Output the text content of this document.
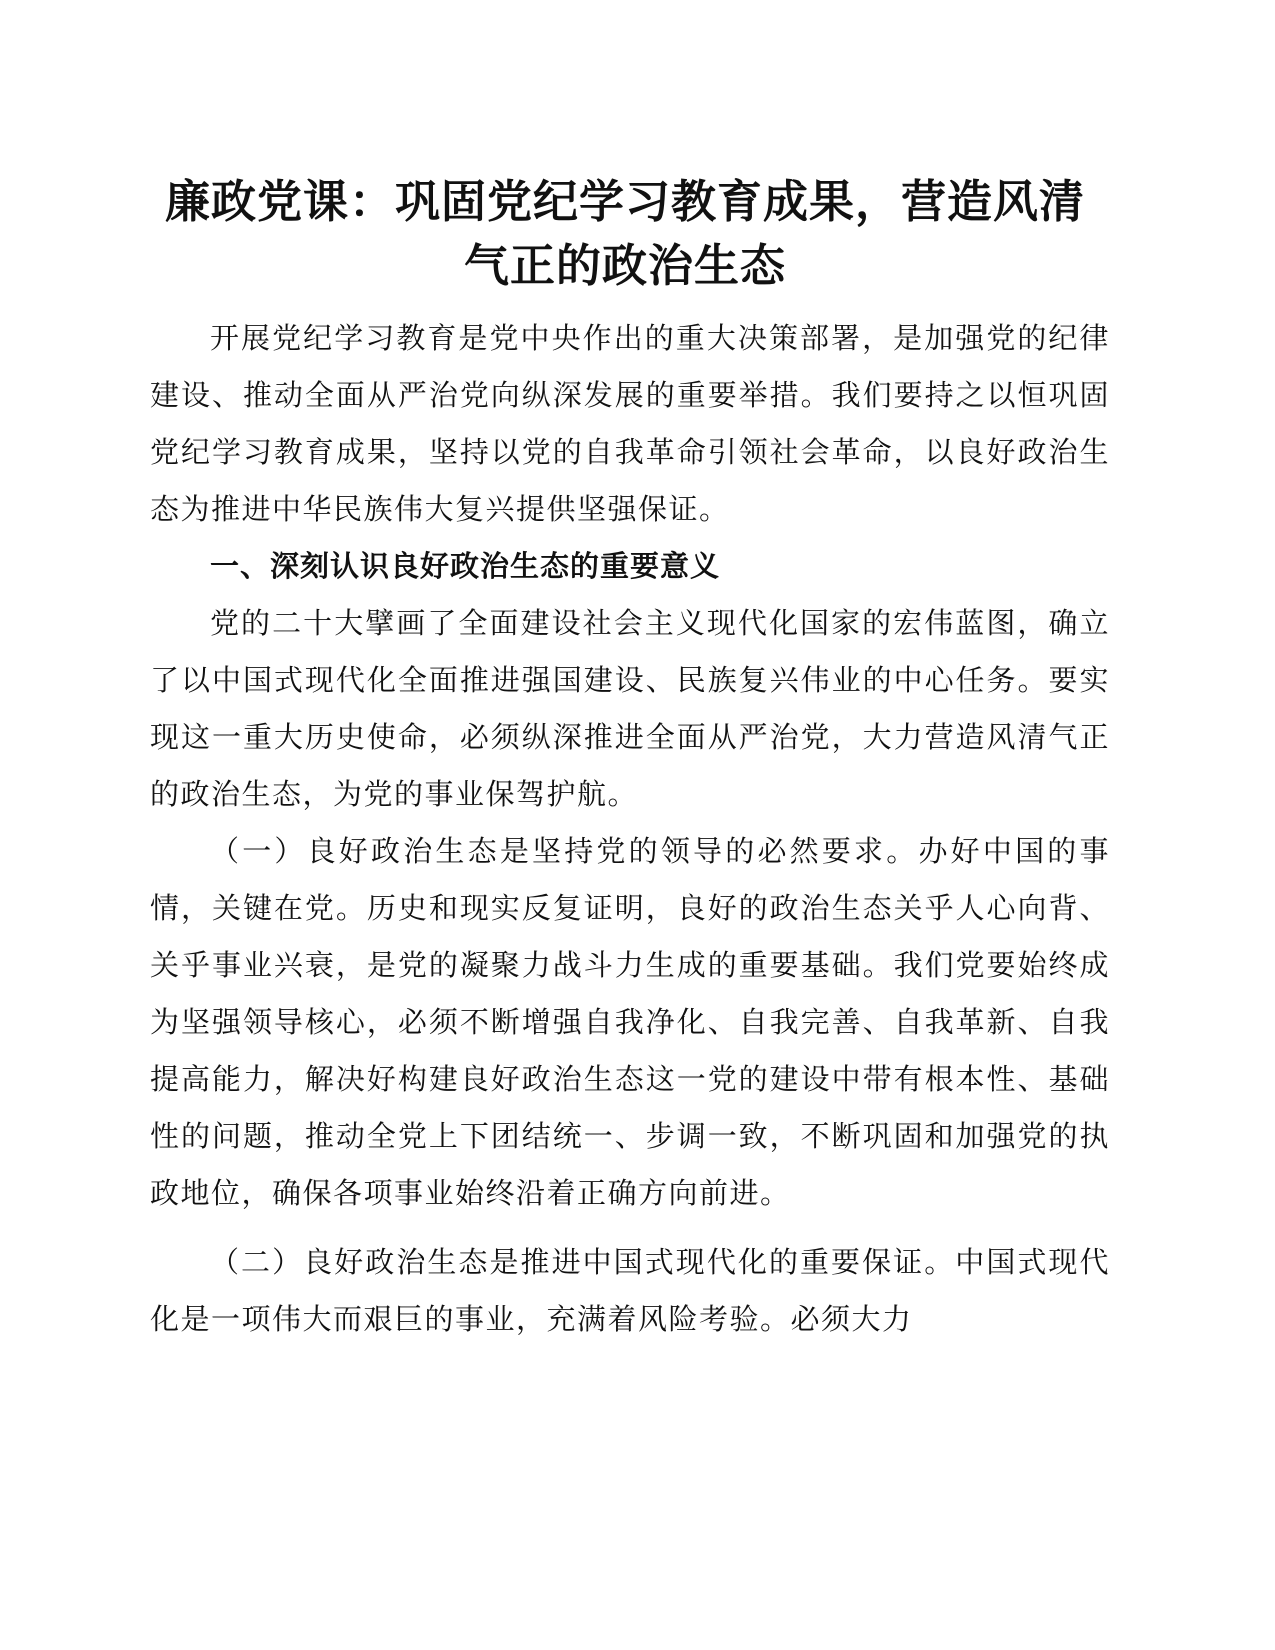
廉政党课：巩固党纪学习教育成果，营造风清
气正的政治生态

开展党纪学习教育是党中央作出的重大决策部署，是加强党的纪律建设、推动全面从严治党向纵深发展的重要举措。我们要持之以恒巩固党纪学习教育成果，坚持以党的自我革命引领社会革命，以良好政治生态为推进中华民族伟大复兴提供坚强保证。

一、深刻认识良好政治生态的重要意义

党的二十大擘画了全面建设社会主义现代化国家的宏伟蓝图，确立了以中国式现代化全面推进强国建设、民族复兴伟业的中心任务。要实现这一重大历史使命，必须纵深推进全面从严治党，大力营造风清气正的政治生态，为党的事业保驾护航。

（一）良好政治生态是坚持党的领导的必然要求。办好中国的事情，关键在党。历史和现实反复证明，良好的政治生态关乎人心向背、关乎事业兴衰，是党的凝聚力战斗力生成的重要基础。我们党要始终成为坚强领导核心，必须不断增强自我净化、自我完善、自我革新、自我提高能力，解决好构建良好政治生态这一党的建设中带有根本性、基础性的问题，推动全党上下团结统一、步调一致，不断巩固和加强党的执政地位，确保各项事业始终沿着正确方向前进。

（二）良好政治生态是推进中国式现代化的重要保证。中国式现代化是一项伟大而艰巨的事业，充满着风险考验。必须大力
